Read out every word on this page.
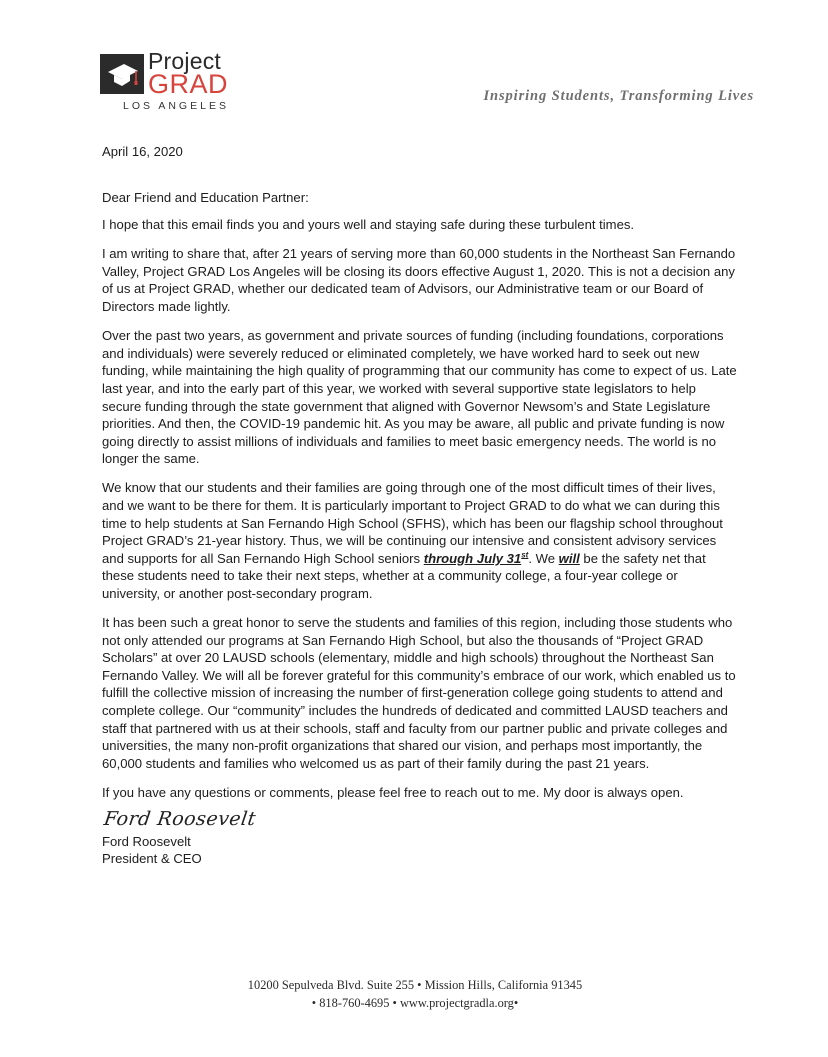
Project
GRAD
LOS ANGELES
Inspiring Students, Transforming Lives

April 16, 2020

Dear Friend and Education Partner:

I hope that this email finds you and yours well and staying safe during these turbulent times.

I am writing to share that, after 21 years of serving more than 60,000 students in the Northeast San Fernando Valley, Project GRAD Los Angeles will be closing its doors effective August 1, 2020. This is not a decision any of us at Project GRAD, whether our dedicated team of Advisors, our Administrative team or our Board of Directors made lightly.

Over the past two years, as government and private sources of funding (including foundations, corporations and individuals) were severely reduced or eliminated completely, we have worked hard to seek out new funding, while maintaining the high quality of programming that our community has come to expect of us. Late last year, and into the early part of this year, we worked with several supportive state legislators to help secure funding through the state government that aligned with Governor Newsom’s and State Legislature priorities. And then, the COVID-19 pandemic hit. As you may be aware, all public and private funding is now going directly to assist millions of individuals and families to meet basic emergency needs. The world is no longer the same.

We know that our students and their families are going through one of the most difficult times of their lives, and we want to be there for them. It is particularly important to Project GRAD to do what we can during this time to help students at San Fernando High School (SFHS), which has been our flagship school throughout Project GRAD’s 21-year history. Thus, we will be continuing our intensive and consistent advisory services and supports for all San Fernando High School seniors through July 31st. We will be the safety net that these students need to take their next steps, whether at a community college, a four-year college or university, or another post-secondary program.

It has been such a great honor to serve the students and families of this region, including those students who not only attended our programs at San Fernando High School, but also the thousands of “Project GRAD Scholars” at over 20 LAUSD schools (elementary, middle and high schools) throughout the Northeast San Fernando Valley. We will all be forever grateful for this community’s embrace of our work, which enabled us to fulfill the collective mission of increasing the number of first-generation college going students to attend and complete college. Our “community” includes the hundreds of dedicated and committed LAUSD teachers and staff that partnered with us at their schools, staff and faculty from our partner public and private colleges and universities, the many non-profit organizations that shared our vision, and perhaps most importantly, the 60,000 students and families who welcomed us as part of their family during the past 21 years.

If you have any questions or comments, please feel free to reach out to me. My door is always open.

Ford Roosevelt

Ford Roosevelt

President & CEO

10200 Sepulveda Blvd. Suite 255 • Mission Hills, California 91345
• 818-760-4695 • www.projectgradla.org•
